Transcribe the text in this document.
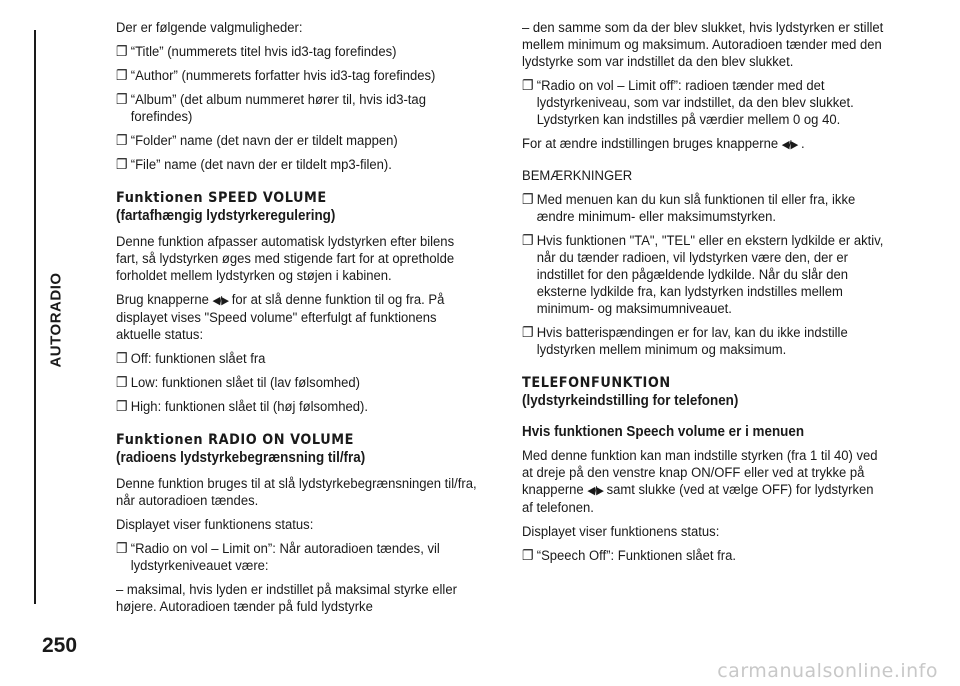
AUTORADIO
250

Der er følgende valgmuligheder:

❐ “Title” (nummerets titel hvis id3-tag forefindes)

❐ “Author” (nummerets forfatter hvis id3-tag forefindes)

❐ “Album” (det album nummeret hører til, hvis id3-tag forefindes)

❐ “Folder” name (det navn der er tildelt mappen)

❐ “File” name (det navn der er tildelt mp3-filen).

Funktionen SPEED VOLUME
(fartafhængig lydstyrkeregulering)

Denne funktion afpasser automatisk lydstyrken efter bilens fart, så lydstyrken øges med stigende fart for at opretholde forholdet mellem lydstyrken og støjen i kabinen.

Brug knapperne ◀/▶ for at slå denne funktion til og fra. På displayet vises "Speed volume" efterfulgt af funktionens aktuelle status:

❐ Off: funktionen slået fra

❐ Low: funktionen slået til (lav følsomhed)

❐ High: funktionen slået til (høj følsomhed).

Funktionen RADIO ON VOLUME
(radioens lydstyrkebegrænsning til/fra)

Denne funktion bruges til at slå lydstyrkebegrænsningen til/fra, når autoradioen tændes.

Displayet viser funktionens status:

❐ “Radio on vol – Limit on”: Når autoradioen tændes, vil lydstyrkeniveauet være:

– maksimal, hvis lyden er indstillet på maksimal styrke eller højere. Autoradioen tænder på fuld lydstyrke

– den samme som da der blev slukket, hvis lydstyrken er stillet mellem minimum og maksimum. Autoradioen tænder med den lydstyrke som var indstillet da den blev slukket.

❐ “Radio on vol – Limit off”: radioen tænder med det lydstyrkeniveau, som var indstillet, da den blev slukket. Lydstyrken kan indstilles på værdier mellem 0 og 40.

For at ændre indstillingen bruges knapperne ◀/▶ .

BEMÆRKNINGER

❐ Med menuen kan du kun slå funktionen til eller fra, ikke ændre minimum- eller maksimumstyrken.

❐ Hvis funktionen "TA", "TEL" eller en ekstern lydkilde er aktiv, når du tænder radioen, vil lydstyrken være den, der er indstillet for den pågældende lydkilde. Når du slår den eksterne lydkilde fra, kan lydstyrken indstilles mellem minimum- og maksimumniveauet.

❐ Hvis batterispændingen er for lav, kan du ikke indstille lydstyrken mellem minimum og maksimum.

TELEFONFUNKTION
(lydstyrkeindstilling for telefonen)
Hvis funktionen Speech volume er i menuen

Med denne funktion kan man indstille styrken (fra 1 til 40) ved at dreje på den venstre knap ON/OFF eller ved at trykke på knapperne ◀/▶ samt slukke (ved at vælge OFF) for lydstyrken af telefonen.

Displayet viser funktionens status:

❐ “Speech Off”: Funktionen slået fra.

carmanualsonline.info
